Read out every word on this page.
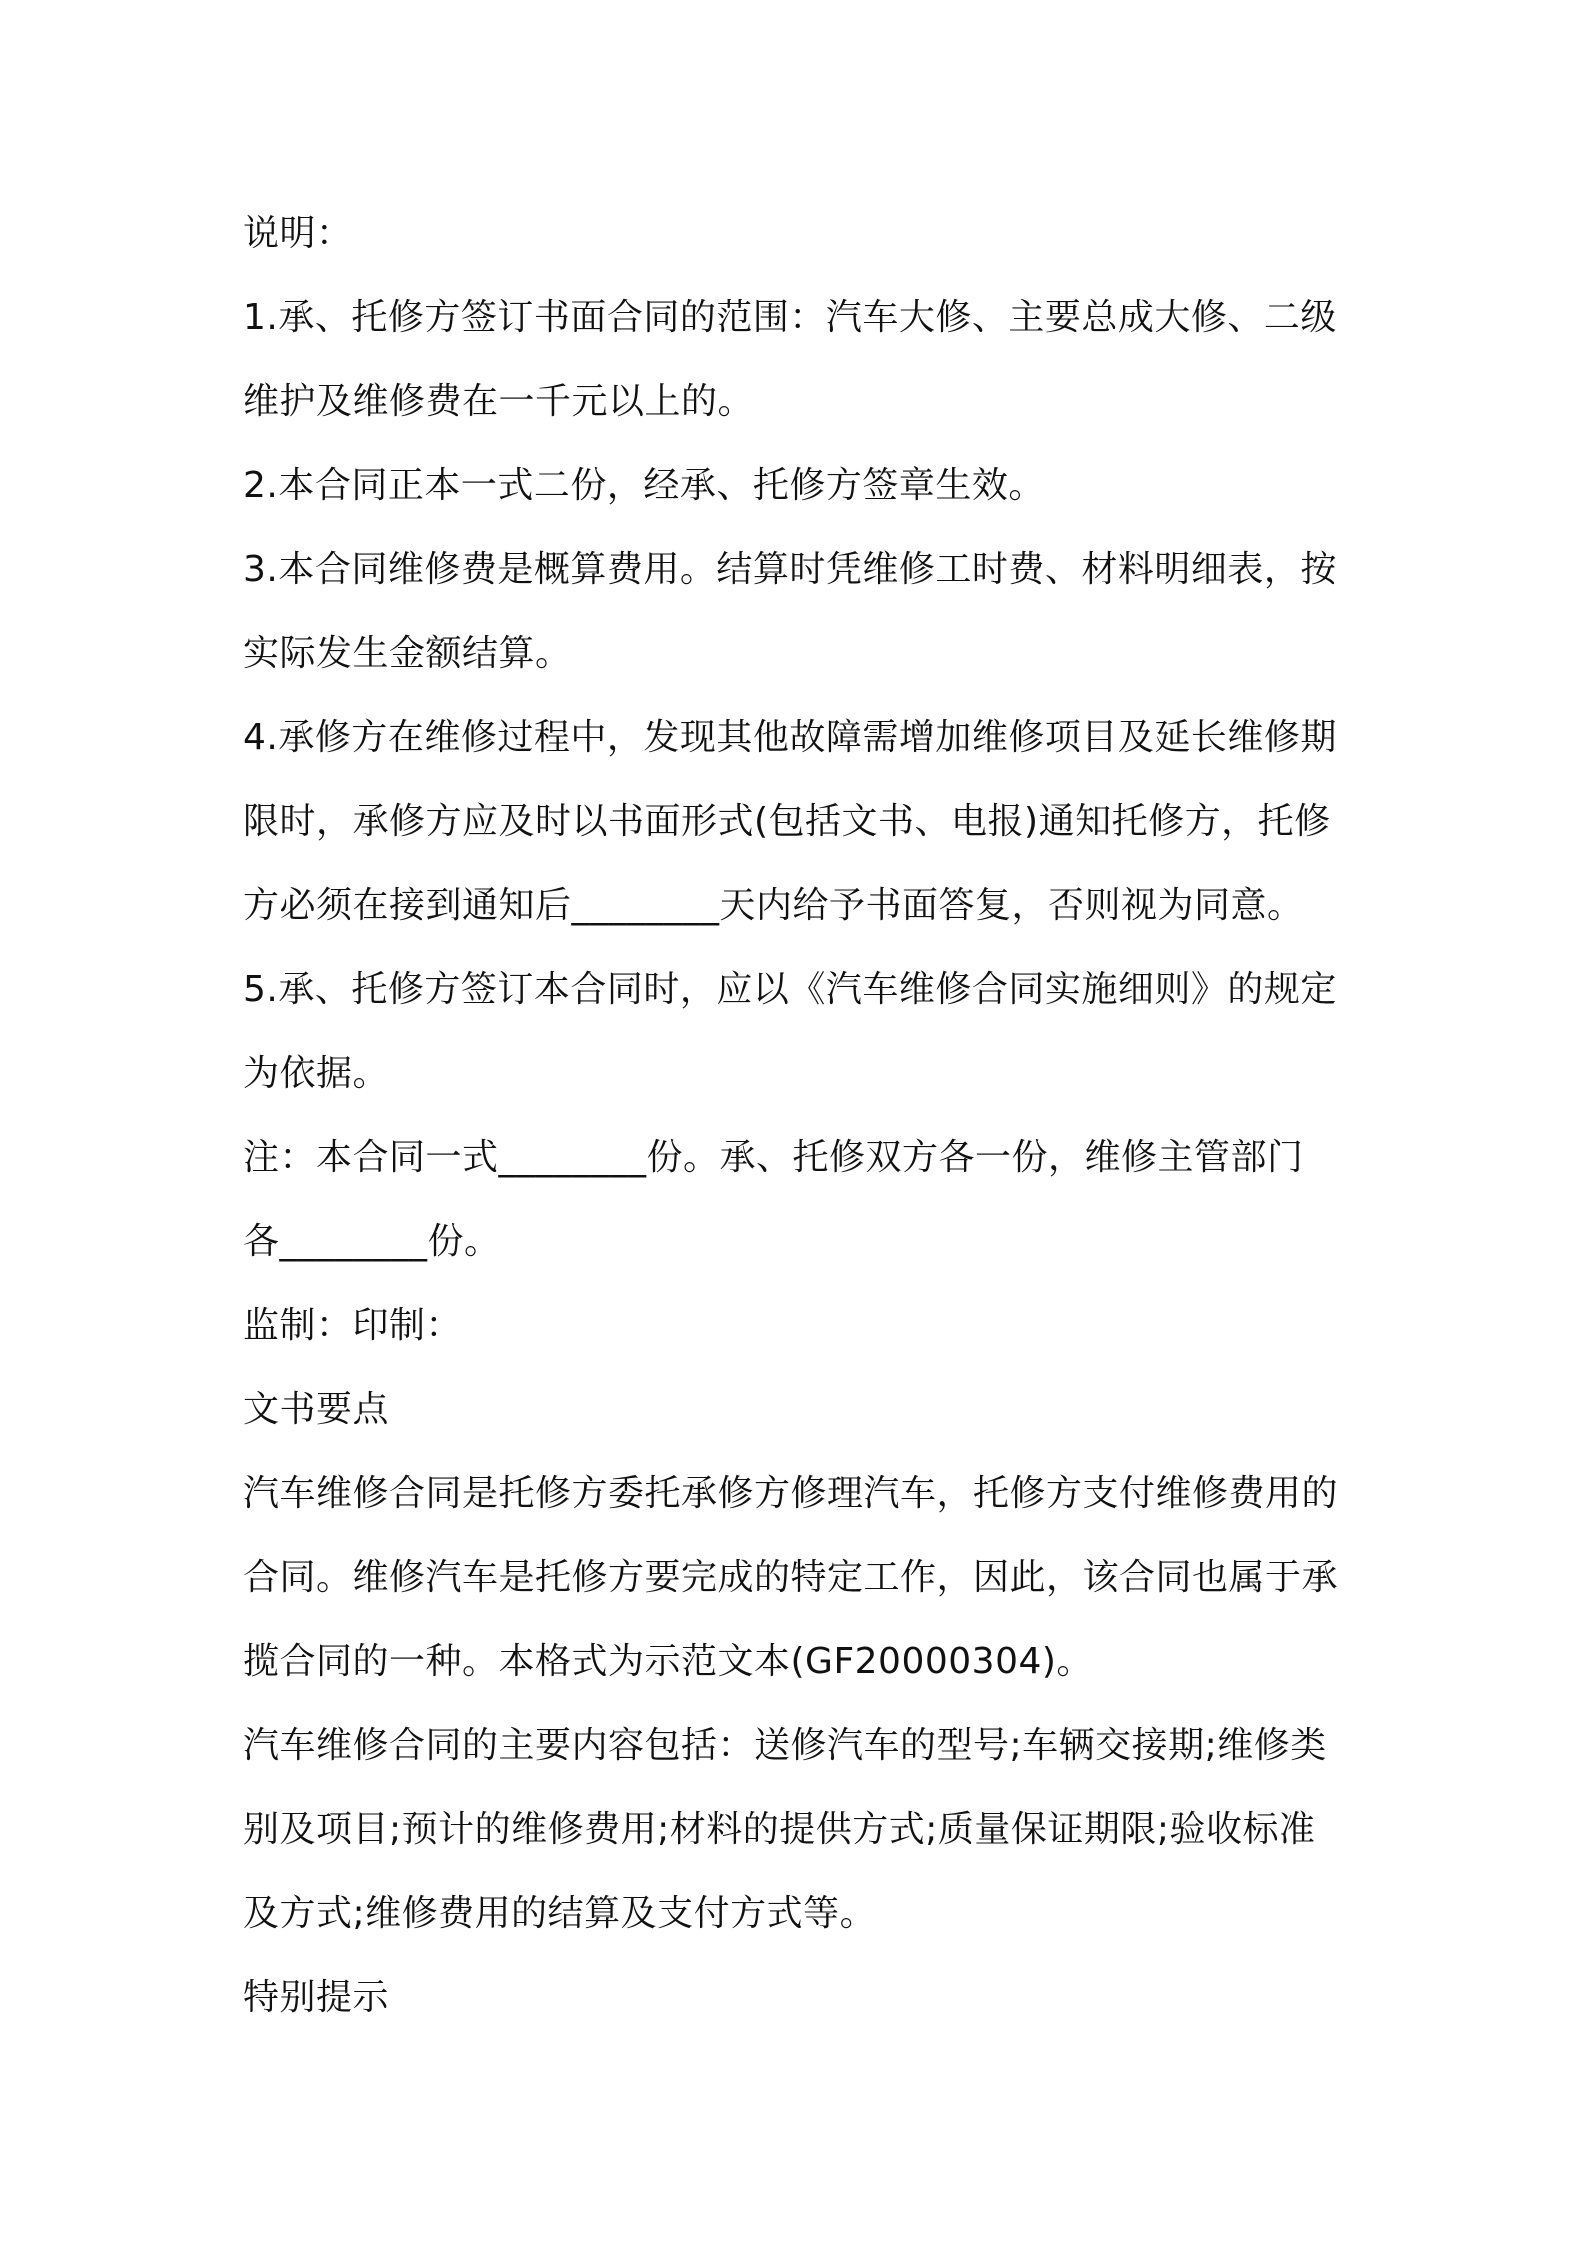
说明：
1.承、托修方签订书面合同的范围：汽车大修、主要总成大修、二级
维护及维修费在一千元以上的。
2.本合同正本一式二份，经承、托修方签章生效。
3.本合同维修费是概算费用。结算时凭维修工时费、材料明细表，按
实际发生金额结算。
4.承修方在维修过程中，发现其他故障需增加维修项目及延长维修期
限时，承修方应及时以书面形式(包括文书、电报)通知托修方，托修
方必须在接到通知后________天内给予书面答复，否则视为同意。
5.承、托修方签订本合同时，应以《汽车维修合同实施细则》的规定
为依据。
注：本合同一式________份。承、托修双方各一份，维修主管部门
各________份。
监制：印制：
文书要点
汽车维修合同是托修方委托承修方修理汽车，托修方支付维修费用的
合同。维修汽车是托修方要完成的特定工作，因此，该合同也属于承
揽合同的一种。本格式为示范文本(GF20000304)。
汽车维修合同的主要内容包括：送修汽车的型号;车辆交接期;维修类
别及项目;预计的维修费用;材料的提供方式;质量保证期限;验收标准
及方式;维修费用的结算及支付方式等。
特别提示
